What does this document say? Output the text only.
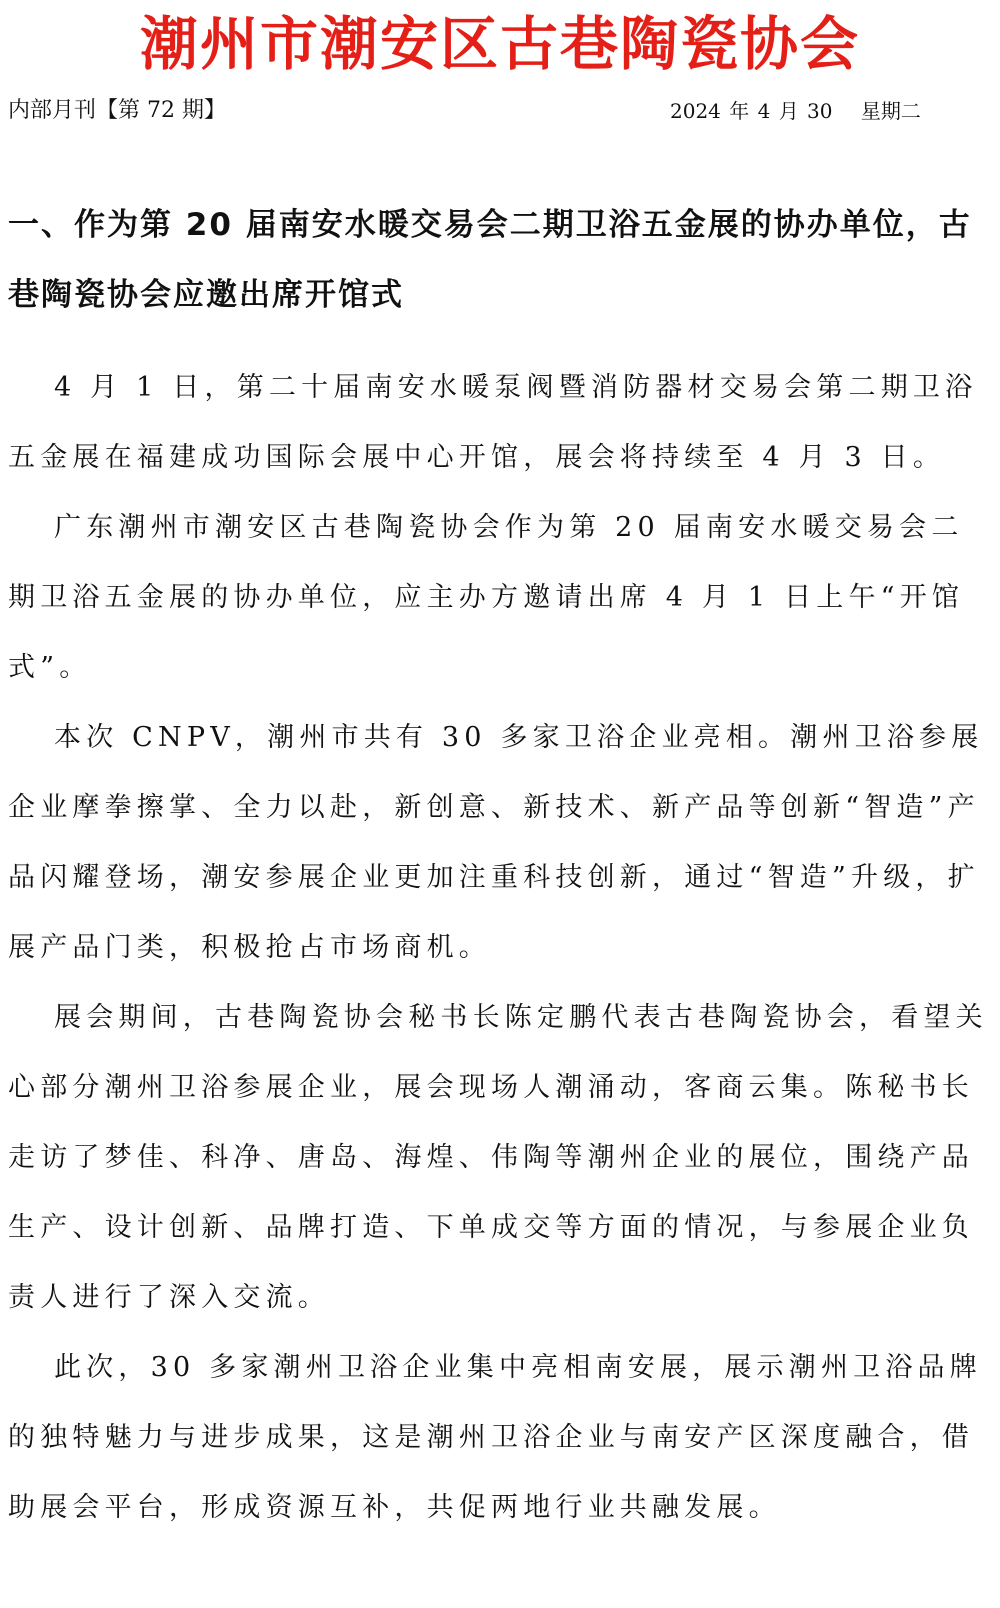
潮州市潮安区古巷陶瓷协会
内部月刊【第 72 期】	2024 年 4 月 30　 星期二
一、作为第 20 届南安水暖交易会二期卫浴五金展的协办单位，古巷陶瓷协会应邀出席开馆式

4 月 1 日，第二十届南安水暖泵阀暨消防器材交易会第二期卫浴五金展在福建成功国际会展中心开馆，展会将持续至 4 月 3 日。

广东潮州市潮安区古巷陶瓷协会作为第 20 届南安水暖交易会二期卫浴五金展的协办单位，应主办方邀请出席 4 月 1 日上午“开馆式”。

本次 CNPV，潮州市共有 30 多家卫浴企业亮相。潮州卫浴参展企业摩拳擦掌、全力以赴，新创意、新技术、新产品等创新“智造”产品闪耀登场，潮安参展企业更加注重科技创新，通过“智造”升级，扩展产品门类，积极抢占市场商机。

展会期间，古巷陶瓷协会秘书长陈定鹏代表古巷陶瓷协会，看望关心部分潮州卫浴参展企业，展会现场人潮涌动，客商云集。陈秘书长走访了梦佳、科净、唐岛、海煌、伟陶等潮州企业的展位，围绕产品生产、设计创新、品牌打造、下单成交等方面的情况，与参展企业负责人进行了深入交流。

此次，30 多家潮州卫浴企业集中亮相南安展，展示潮州卫浴品牌的独特魅力与进步成果，这是潮州卫浴企业与南安产区深度融合，借助展会平台，形成资源互补，共促两地行业共融发展。
